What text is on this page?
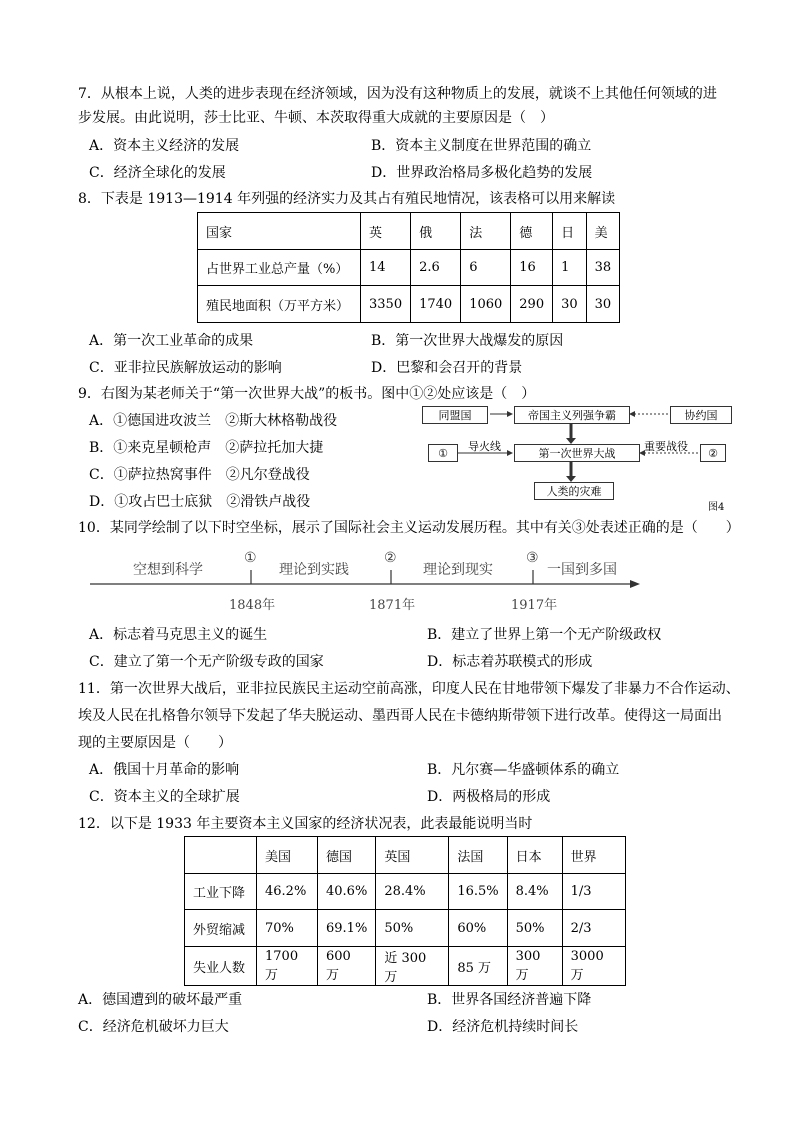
7．从根本上说，人类的进步表现在经济领域，因为没有这种物质上的发展，就谈不上其他任何领域的进
步发展。由此说明，莎士比亚、牛顿、本茨取得重大成就的主要原因是（　）
A．资本主义经济的发展	B．资本主义制度在世界范围的确立
C．经济全球化的发展	D．世界政治格局多极化趋势的发展
8．下表是 1913—1914 年列强的经济实力及其占有殖民地情况，该表格可以用来解读
国家	英	俄	法	德	日	美
占世界工业总产量（%）	14	2.6	6	16	1	38
殖民地面积（万平方米）	3350	1740	1060	290	30	30
A．第一次工业革命的成果	B．第一次世界大战爆发的原因
C．亚非拉民族解放运动的影响	D．巴黎和会召开的背景
9．右图为某老师关于“第一次世界大战”的板书。图中①②处应该是（　）
A．①德国进攻波兰　②斯大林格勒战役
B．①来克星顿枪声　②萨拉托加大捷
C．①萨拉热窝事件　②凡尔登战役
D．①攻占巴士底狱　②滑铁卢战役
同盟国	帝国主义列强争霸	协约国
①
导火线
第一次世界大战
重要战役
②
人类的灾难
图4
10．某同学绘制了以下时空坐标，展示了国际社会主义运动发展历程。其中有关③处表述正确的是（　　）
空想到科学	理论到实践	理论到现实	一国到多国
①	②	③
1848年	1871年	1917年
A．标志着马克思主义的诞生	B．建立了世界上第一个无产阶级政权
C．建立了第一个无产阶级专政的国家	D．标志着苏联模式的形成
11．第一次世界大战后，亚非拉民族民主运动空前高涨，印度人民在甘地带领下爆发了非暴力不合作运动、
埃及人民在扎格鲁尔领导下发起了华夫脱运动、墨西哥人民在卡德纳斯带领下进行改革。使得这一局面出
现的主要原因是（　　）
A．俄国十月革命的影响	B．凡尔赛—华盛顿体系的确立
C．资本主义的全球扩展	D．两极格局的形成
12．以下是 1933 年主要资本主义国家的经济状况表，此表最能说明当时
	美国	德国	英国	法国	日本	世界
工业下降	46.2%	40.6%	28.4%	16.5%	8.4%	1/3
外贸缩减	70%	69.1%	50%	60%	50%	2/3
失业人数	1700 万	600 万	近 300 万	85 万	300 万	3000 万
A．德国遭到的破坏最严重	B．世界各国经济普遍下降
C．经济危机破坏力巨大	D．经济危机持续时间长
